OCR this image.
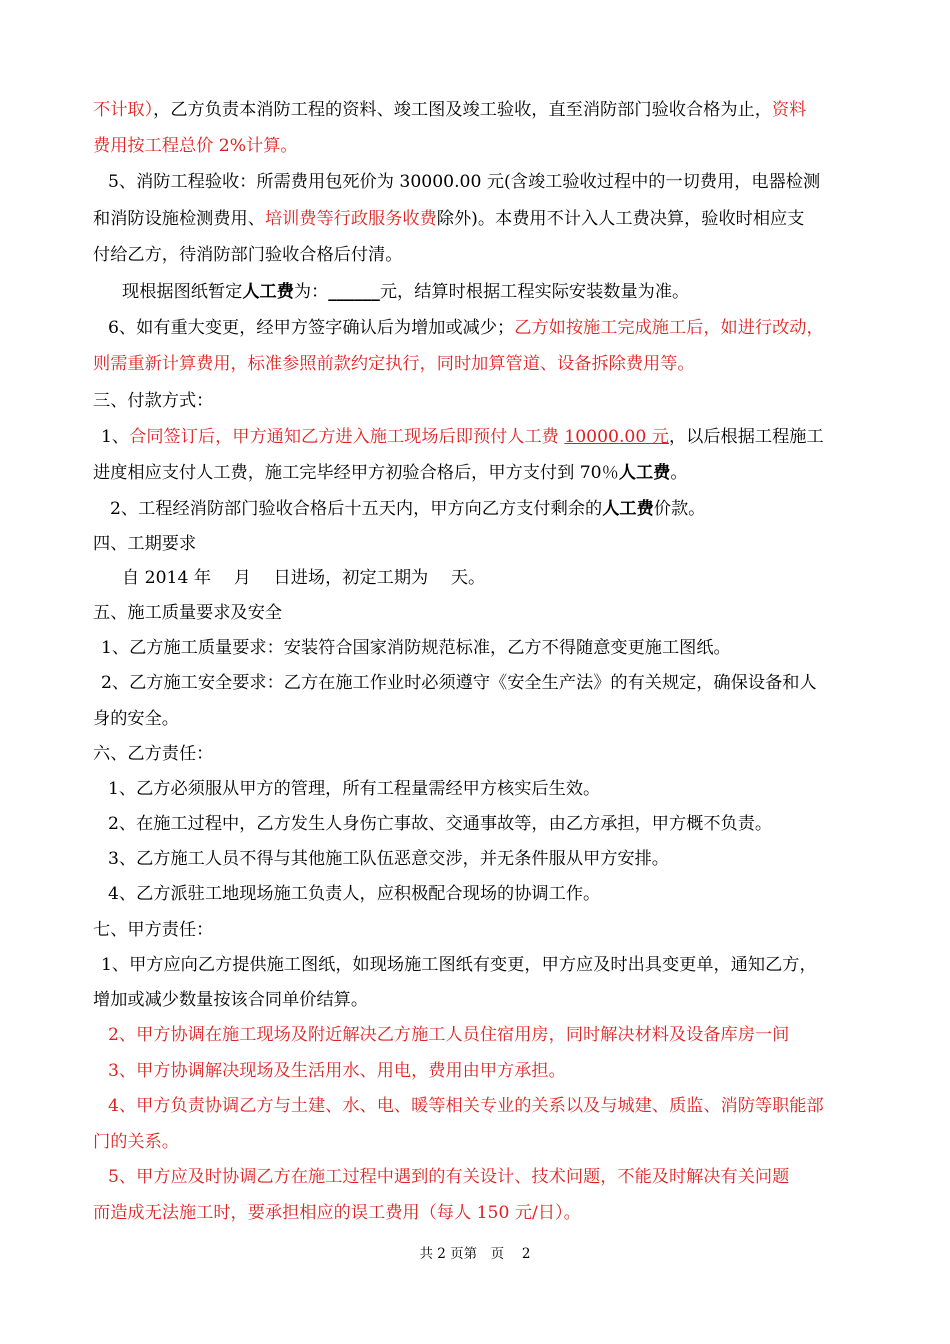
不计取），乙方负责本消防工程的资料、竣工图及竣工验收，直至消防部门验收合格为止，资料
费用按工程总价 2%计算。
5、消防工程验收：所需费用包死价为 30000.00 元(含竣工验收过程中的一切费用，电器检测
和消防设施检测费用、培训费等行政服务收费除外)。本费用不计入人工费决算，验收时相应支
付给乙方，待消防部门验收合格后付清。
现根据图纸暂定人工费为：______元，结算时根据工程实际安装数量为准。
6、如有重大变更，经甲方签字确认后为增加或减少；乙方如按施工完成施工后，如进行改动，
则需重新计算费用，标准参照前款约定执行，同时加算管道、设备拆除费用等。
三、付款方式：
1、合同签订后，甲方通知乙方进入施工现场后即预付人工费 10000.00 元，以后根据工程施工
进度相应支付人工费，施工完毕经甲方初验合格后，甲方支付到 70％人工费。
2、工程经消防部门验收合格后十五天内，甲方向乙方支付剩余的人工费价款。
四、工期要求
自 2014 年　 月　 日进场，初定工期为　 天。
五、施工质量要求及安全
1、乙方施工质量要求：安装符合国家消防规范标准，乙方不得随意变更施工图纸。
2、乙方施工安全要求：乙方在施工作业时必须遵守《安全生产法》的有关规定，确保设备和人
身的安全。
六、乙方责任：
1、乙方必须服从甲方的管理，所有工程量需经甲方核实后生效。
2、在施工过程中，乙方发生人身伤亡事故、交通事故等，由乙方承担，甲方概不负责。
3、乙方施工人员不得与其他施工队伍恶意交涉，并无条件服从甲方安排。
4、乙方派驻工地现场施工负责人，应积极配合现场的协调工作。
七、甲方责任：
1、甲方应向乙方提供施工图纸，如现场施工图纸有变更，甲方应及时出具变更单，通知乙方，
增加或减少数量按该合同单价结算。
2、甲方协调在施工现场及附近解决乙方施工人员住宿用房，同时解决材料及设备库房一间
3、甲方协调解决现场及生活用水、用电，费用由甲方承担。
4、甲方负责协调乙方与土建、水、电、暖等相关专业的关系以及与城建、质监、消防等职能部
门的关系。
5、甲方应及时协调乙方在施工过程中遇到的有关设计、技术问题，不能及时解决有关问题
而造成无法施工时，要承担相应的误工费用（每人 150 元/日）。
共 2 页第　页　 2
